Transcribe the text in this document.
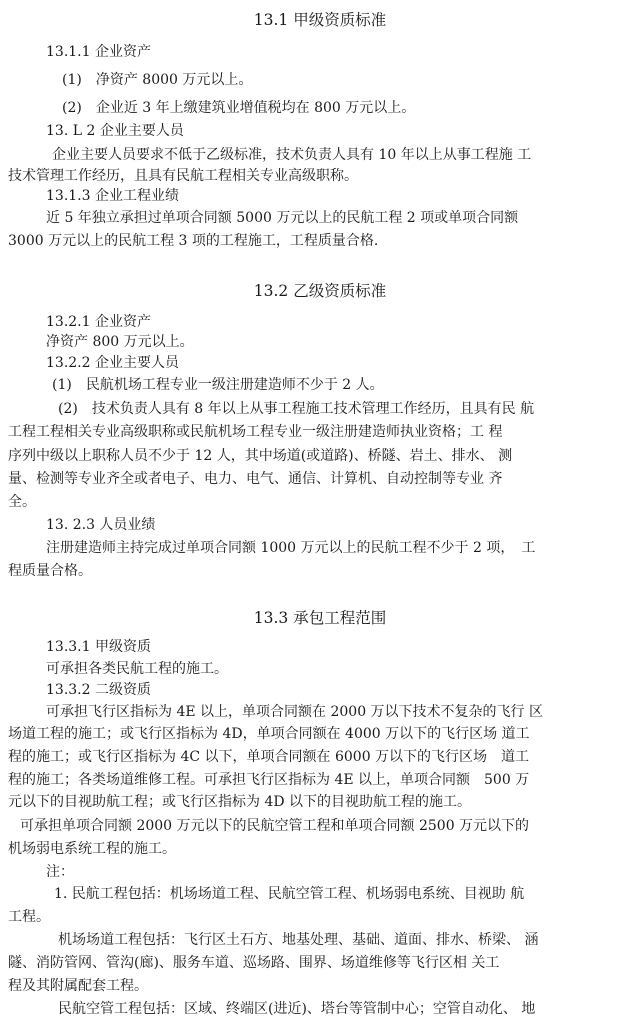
13.1 甲级资质标准
13.1.1 企业资产
(1)　净资产 8000 万元以上。
(2)　企业近 3 年上缴建筑业增值税均在 800 万元以上。
13. L 2 企业主要人员
企业主要人员要求不低于乙级标准，技术负责人具有 10 年以上从事工程施 工
技术管理工作经历，且具有民航工程相关专业高级职称。
13.1.3 企业工程业绩
近 5 年独立承担过单项合同额 5000 万元以上的民航工程 2 项或单项合同额
3000 万元以上的民航工程 3 项的工程施工，工程质量合格.
13.2 乙级资质标准
13.2.1 企业资产
净资产 800 万元以上。
13.2.2 企业主要人员
(1)　民航机场工程专业一级注册建造师不少于 2 人。
(2)　技术负责人具有 8 年以上从事工程施工技术管理工作经历，且具有民 航
工程工程相关专业高级职称或民航机场工程专业一级注册建造师执业资格；工 程
序列中级以上职称人员不少于 12 人，其中场道(或道路)、桥隧、岩土、排水、 测
量、检测等专业齐全或者电子、电力、电气、通信、计算机、自动控制等专业 齐
全。
13. 2.3 人员业绩
注册建造师主持完成过单项合同额 1000 万元以上的民航工程不少于 2 项，　工
程质量合格。
13.3 承包工程范围
13.3.1 甲级资质
可承担各类民航工程的施工。
13.3.2 二级资质
可承担飞行区指标为 4E 以上，单项合同额在 2000 万以下技术不复杂的飞行 区
场道工程的施工；或飞行区指标为 4D，单项合同额在 4000 万以下的飞行区场 道工
程的施工；或飞行区指标为 4C 以下，单项合同额在 6000 万以下的飞行区场　道工
程的施工；各类场道维修工程。可承担飞行区指标为 4E 以上，单项合同额　500 万
元以下的目视助航工程；或飞行区指标为 4D 以下的目视助航工程的施工。
可承担单项合同额 2000 万元以下的民航空管工程和单项合同额 2500 万元以下的
机场弱电系统工程的施工。
注：
1. 民航工程包括：机场场道工程、民航空管工程、机场弱电系统、目视助 航
工程。
机场场道工程包括：飞行区土石方、地基处理、基础、道面、排水、桥梁、 涵
隧、消防管网、管沟(廊)、服务车道、巡场路、围界、场道维修等飞行区相 关工
程及其附属配套工程。
民航空管工程包括：区域、终端区(进近)、塔台等管制中心；空管自动化、 地
